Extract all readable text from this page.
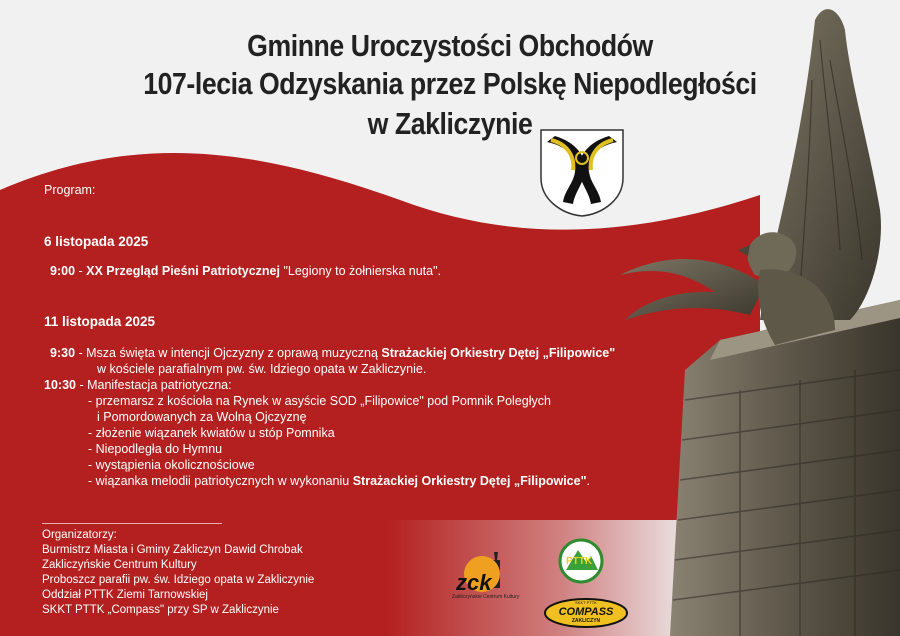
Gminne Uroczystości Obchodów
107-lecia Odzyskania przez Polskę Niepodległości
w Zakliczynie
Program:
6 listopada 2025
9:00 - XX Przegląd Pieśni Patriotycznej "Legiony to żołnierska nuta".
11 listopada 2025
9:30 - Msza święta w intencji Ojczyzny z oprawą muzyczną Strażackiej Orkiestry Dętej „Filipowice"
w kościele parafialnym pw. św. Idziego opata w Zakliczynie.
10:30 - Manifestacja patriotyczna:
- przemarsz z kościoła na Rynek w asyście SOD „Filipowice" pod Pomnik Poległych
i Pomordowanych za Wolną Ojczyznę
- złożenie wiązanek kwiatów u stóp Pomnika
- Niepodległa do Hymnu
- wystąpienia okolicznościowe
- wiązanka melodii patriotycznych w wykonaniu Strażackiej Orkiestry Dętej „Filipowice".
Organizatorzy:
Burmistrz Miasta i Gminy Zakliczyn Dawid Chrobak
Zakliczyńskie Centrum Kultury
Proboszcz parafii pw. św. Idziego opata w Zakliczynie
Oddział PTTK Ziemi Tarnowskiej
SKKT PTTK „Compass" przy SP w Zakliczynie
zck
Zakliczyńskie Centrum Kultury
PTTK
SKKT PTTK
COMPASS
ZAKLICZYN
